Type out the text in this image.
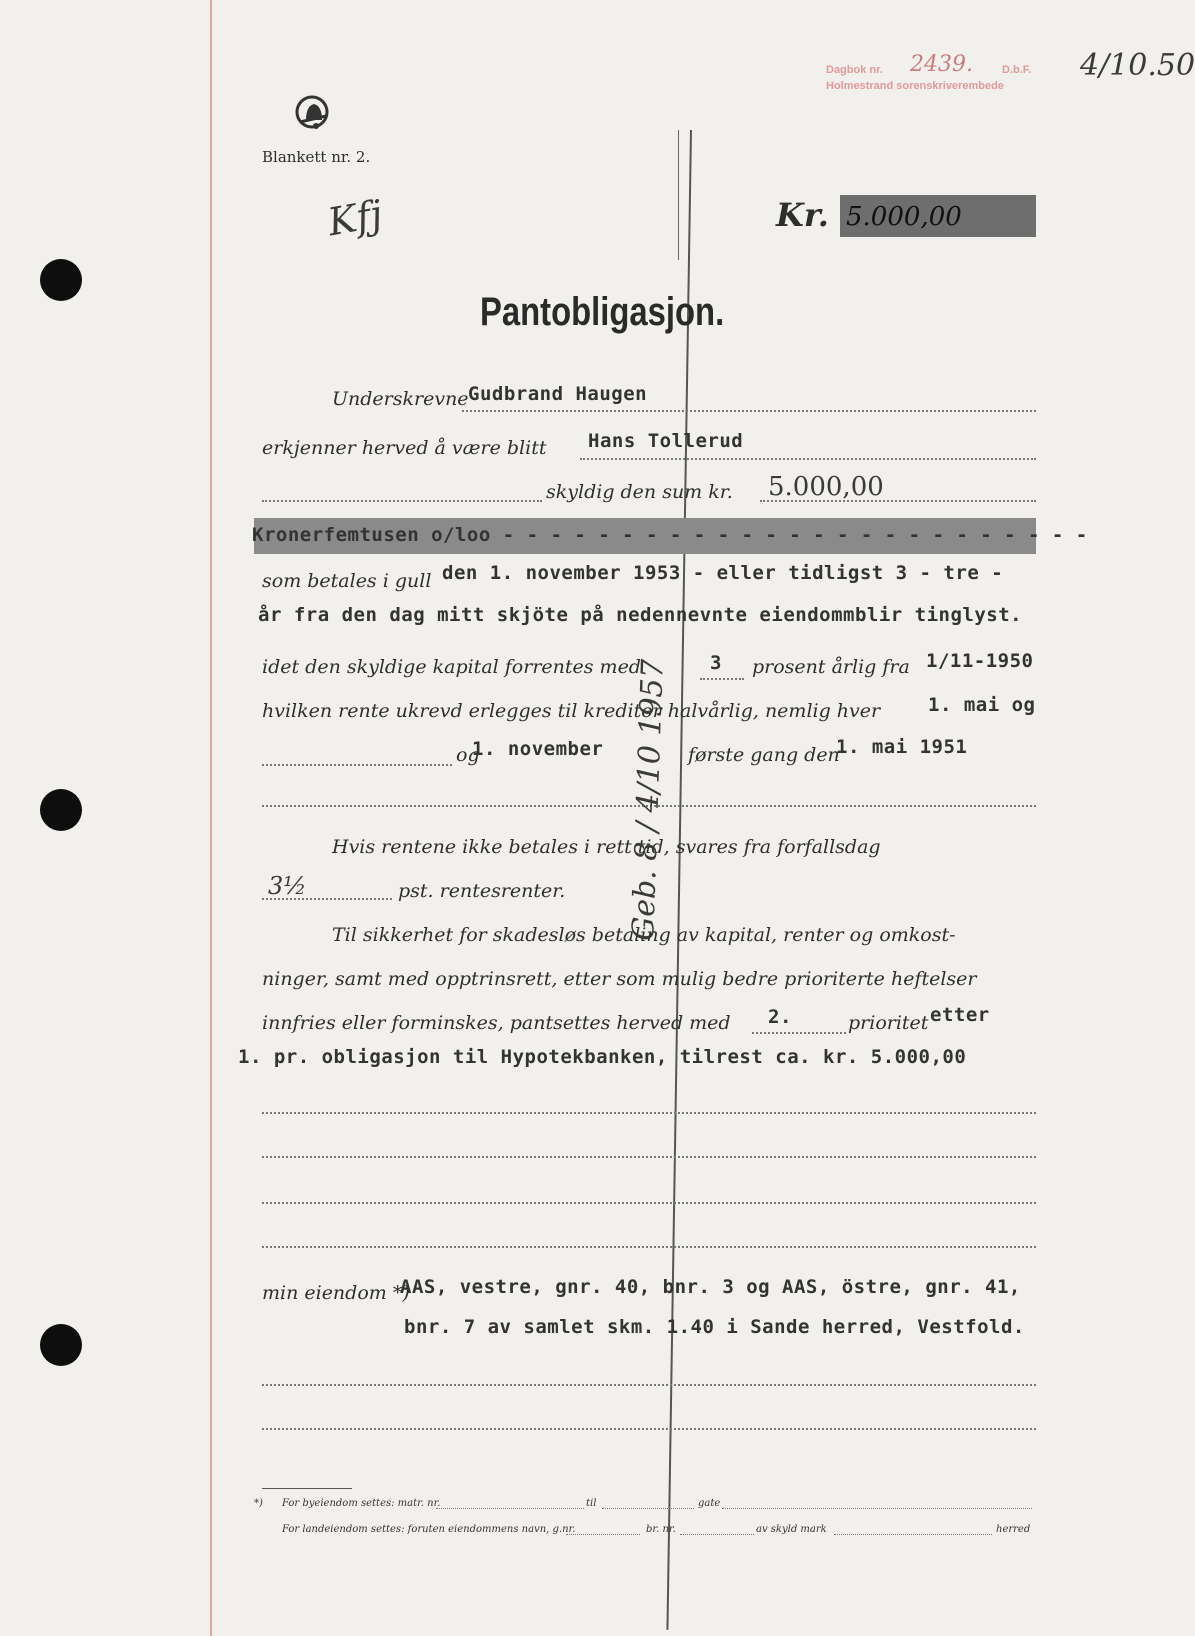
Dagbok nr. 2439.	D.b.F.
Holmestrand sorenskriverembede
4/10.50
Blankett nr. 2.
Kfj	Kr. 5.000,00
Pantobligasjon.
Underskrevne Gudbrand Haugen
erkjenner herved å være blitt Hans Tollerud
skyldig den sum kr. 5.000,00
Kronerfemtusen o/loo - - - - - - - - - - - - - - - - - - - - - - - - -
som betales i gull den 1. november 1953 - eller tidligst 3 - tre -
år fra den dag mitt skjöte på nedennevnte eiendommblir tinglyst.
idet den skyldige kapital forrentes med	3 prosent årlig fra 1/11-1950
hvilken rente ukrevd erlegges til kreditor halvårlig, nemlig hver	1. mai og
og
1. november	første gang den
1. mai 1951
Hvis rentene ikke betales i rett tid, svares fra forfallsdag
3½	pst. rentesrenter.
Til sikkerhet for skadesløs betaling av kapital, renter og omkost-
ninger, samt med opptrinsrett, etter som mulig bedre prioriterte heftelser
innfries eller forminskes, pantsettes herved med 2.	prioritet etter
1. pr. obligasjon til Hypotekbanken, tilrest ca. kr. 5.000,00
min eiendom *)
AAS, vestre, gnr. 40, bnr. 3 og AAS, östre, gnr. 41,
bnr. 7 av samlet skm. 1.40 i Sande herred, Vestfold.
*) For byeiendom settes: matr. nr.	til	gate
For landeiendom settes: foruten eiendommens navn, g.nr.	br. nr.	av skyld mark	herred
Geb. 8 / 4/10 1957
